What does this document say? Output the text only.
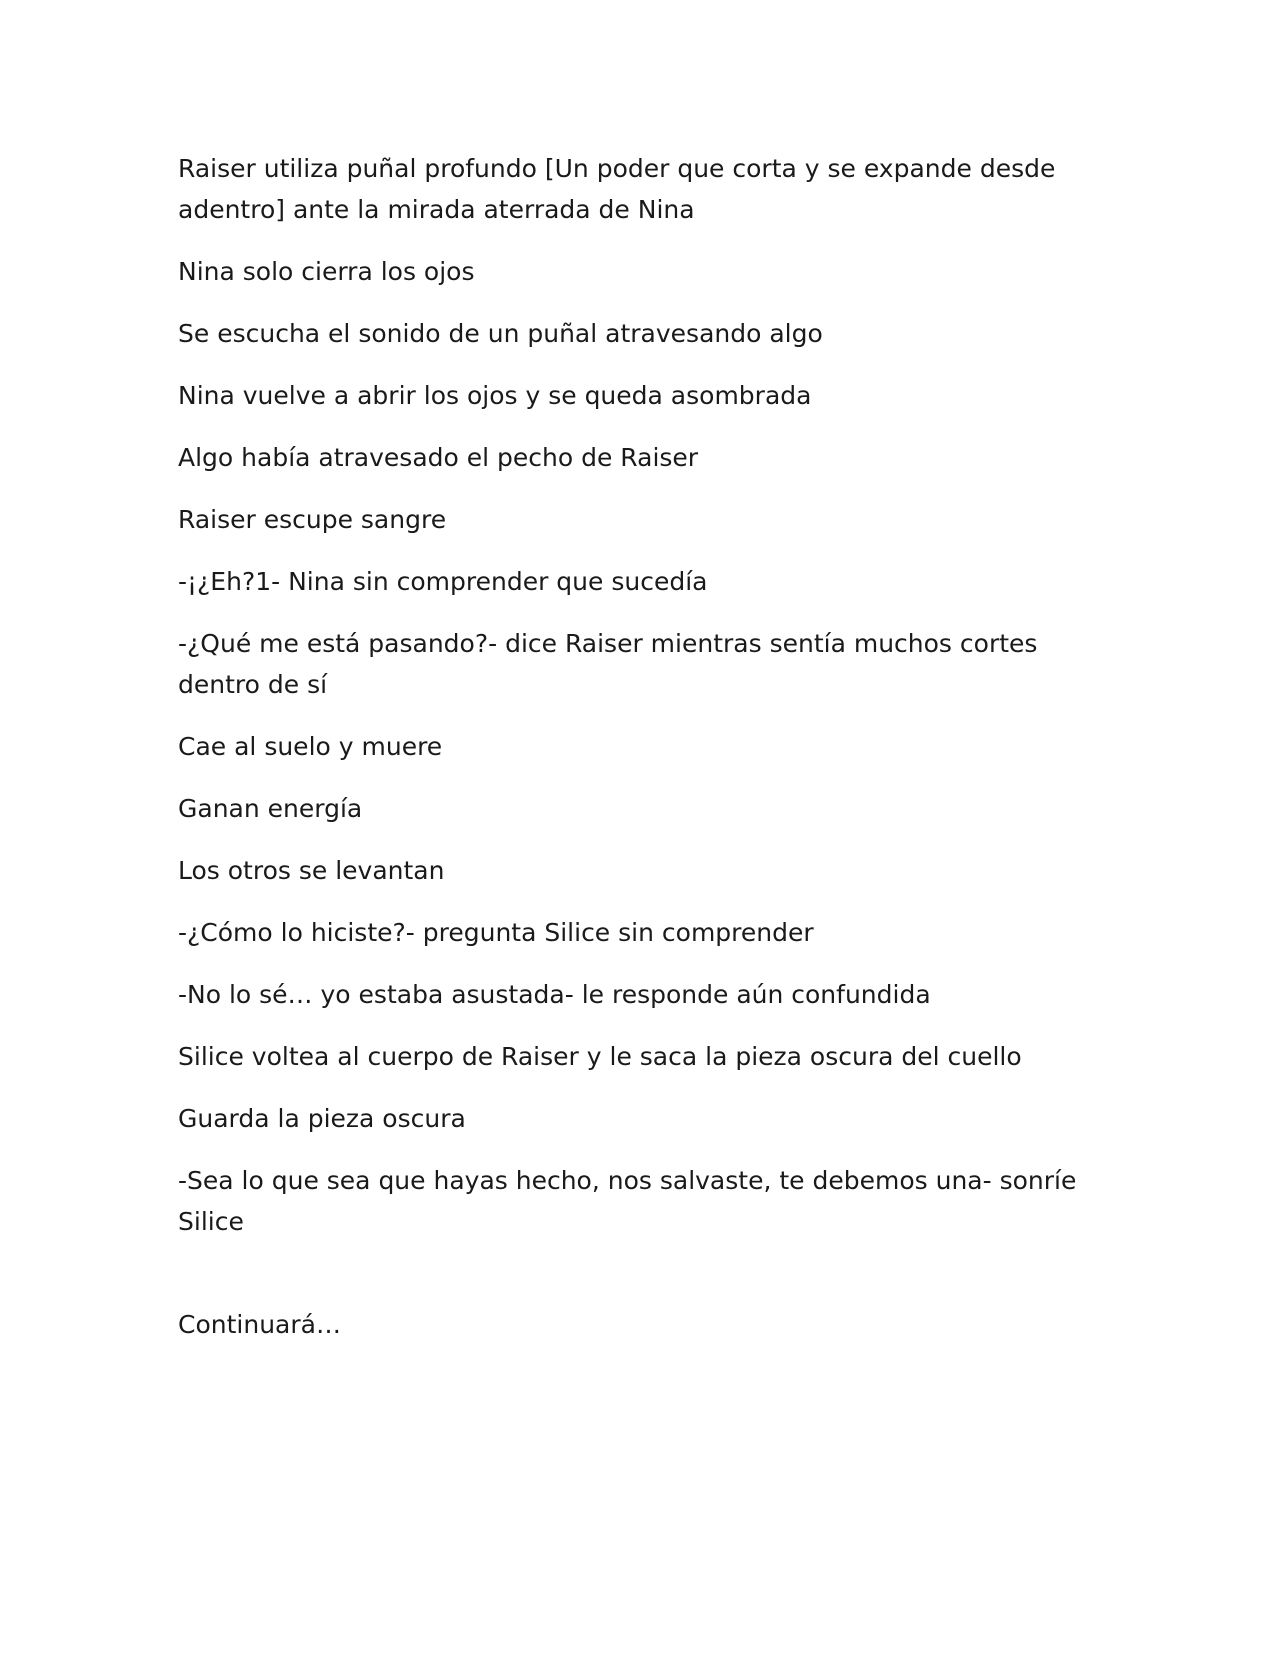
Raiser utiliza puñal profundo [Un poder que corta y se expande desde adentro] ante la mirada aterrada de Nina

Nina solo cierra los ojos

Se escucha el sonido de un puñal atravesando algo

Nina vuelve a abrir los ojos y se queda asombrada

Algo había atravesado el pecho de Raiser

Raiser escupe sangre

-¡¿Eh?1- Nina sin comprender que sucedía

-¿Qué me está pasando?- dice Raiser mientras sentía muchos cortes dentro de sí

Cae al suelo y muere

Ganan energía

Los otros se levantan

-¿Cómo lo hiciste?- pregunta Silice sin comprender

-No lo sé… yo estaba asustada- le responde aún confundida

Silice voltea al cuerpo de Raiser y le saca la pieza oscura del cuello

Guarda la pieza oscura

-Sea lo que sea que hayas hecho, nos salvaste, te debemos una- sonríe Silice

Continuará…
